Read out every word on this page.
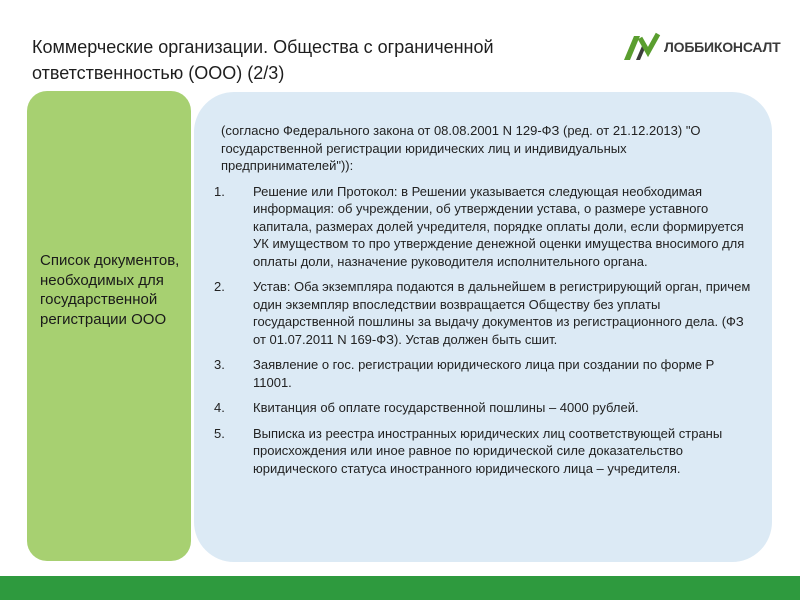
Коммерческие организации. Общества с ограниченной
ответственностью (ООО) (2/3)
ЛОББИКОНСАЛТ
Список документов, необходимых для государственной регистрации ООО

(согласно Федерального закона от 08.08.2001 N 129-ФЗ (ред. от 21.12.2013) "О государственной регистрации юридических лиц и индивидуальных предпринимателей")):

1. Решение или Протокол: в Решении указывается следующая необходимая информация: об учреждении, об утверждении устава, о размере уставного капитала, размерах долей учредителя, порядке оплаты доли, если формируется УК имуществом то про утверждение денежной оценки имущества вносимого для оплаты доли, назначение руководителя исполнительного органа.
2. Устав: Оба экземпляра подаются в дальнейшем в регистрирующий орган, причем один экземпляр впоследствии возвращается Обществу без уплаты государственной пошлины за выдачу документов из регистрационного дела. (ФЗ от 01.07.2011 N 169-ФЗ). Устав должен быть сшит.
3. Заявление о гос. регистрации юридического лица при создании по форме Р 11001.
4. Квитанция об оплате государственной пошлины – 4000 рублей.
5. Выписка из реестра иностранных юридических лиц соответствующей страны происхождения или иное равное по юридической силе доказательство юридического статуса иностранного юридического лица – учредителя.
